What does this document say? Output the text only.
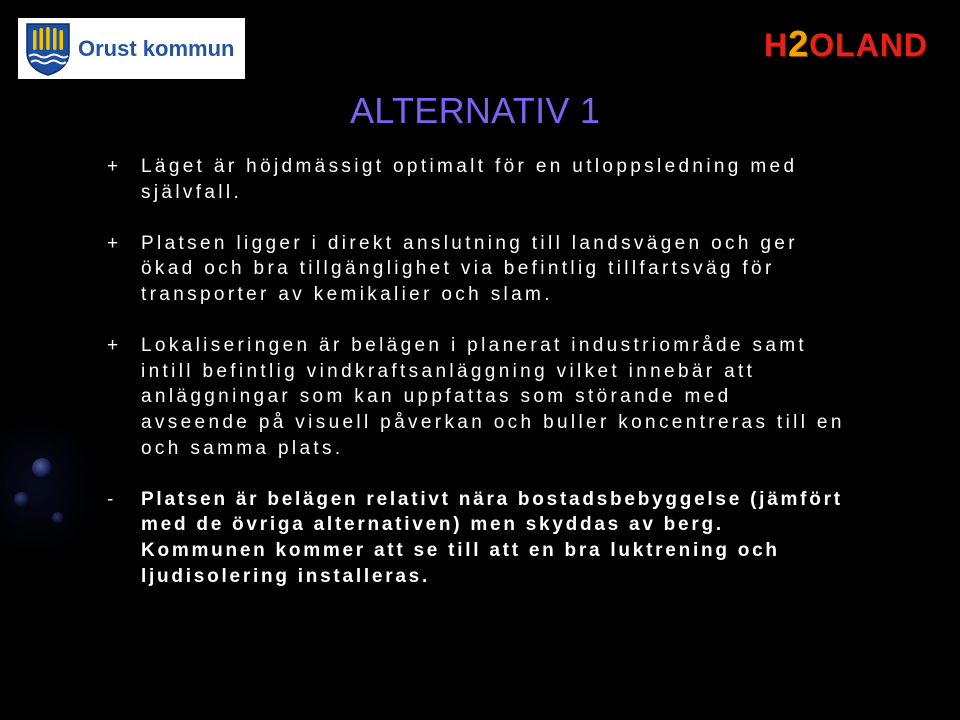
Orust kommun	H2OLAND
ALTERNATIV 1
+ Läget är höjdmässigt optimalt för en utloppsledning med
självfall.
+ Platsen ligger i direkt anslutning till landsvägen och ger
ökad och bra tillgänglighet via befintlig tillfartsväg för
transporter av kemikalier och slam.
+ Lokaliseringen är belägen i planerat industriområde samt
intill befintlig vindkraftsanläggning vilket innebär att
anläggningar som kan uppfattas som störande med
avseende på visuell påverkan och buller koncentreras till en
och samma plats.
- Platsen är belägen relativt nära bostadsbebyggelse (jämfört
med de övriga alternativen) men skyddas av berg.
Kommunen kommer att se till att en bra luktrening och
ljudisolering installeras.
